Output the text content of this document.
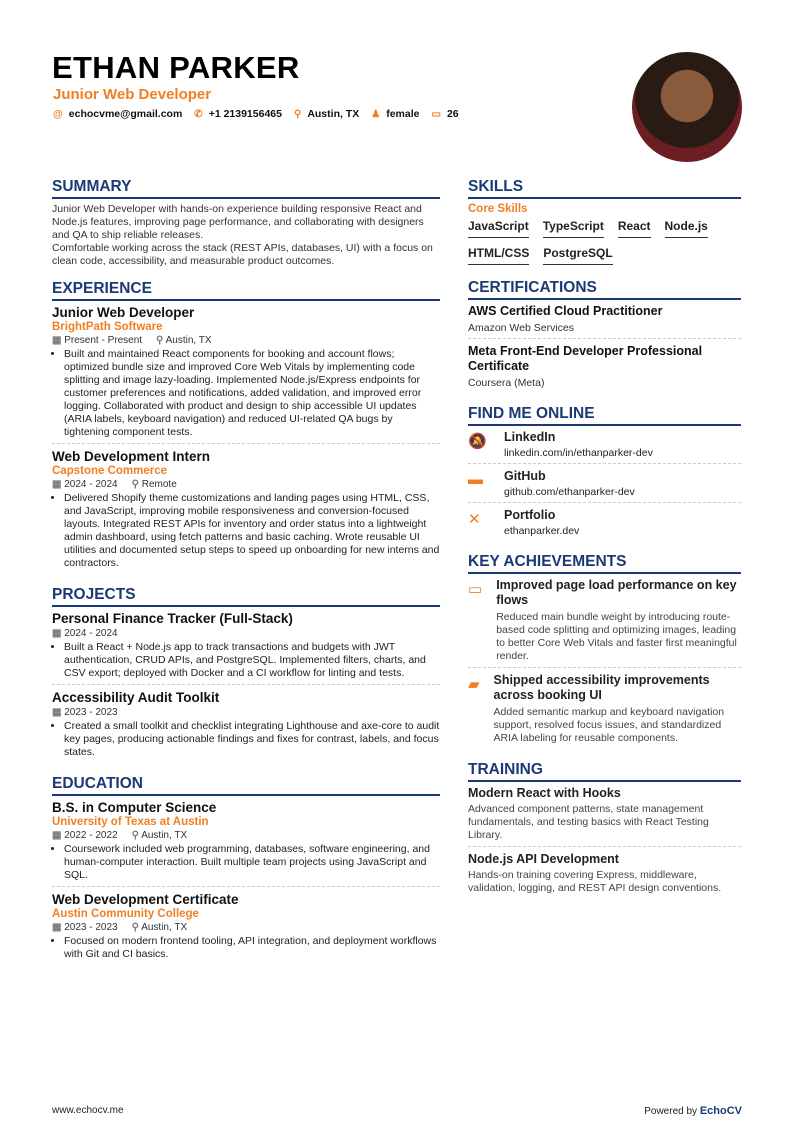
ETHAN PARKER
Junior Web Developer
@ echocvme@gmail.com ✆ +1 2139156465 ⚲ Austin, TX ♟ female ▭ 26
SUMMARY

Junior Web Developer with hands-on experience building responsive React and Node.js features, improving page performance, and collaborating with designers and QA to ship reliable releases.

Comfortable working across the stack (REST APIs, databases, UI) with a focus on clean code, accessibility, and measurable product outcomes.

EXPERIENCE
Junior Web Developer
BrightPath Software
▦ Present - Present ⚲ Austin, TX
• Built and maintained React components for booking and account flows; optimized bundle size and improved Core Web Vitals by implementing code splitting and image lazy-loading. Implemented Node.js/Express endpoints for customer preferences and notifications, added validation, and improved error logging. Collaborated with product and design to ship accessible UI updates (ARIA labels, keyboard navigation) and reduced UI-related QA bugs by tightening component tests.
Web Development Intern
Capstone Commerce
▦ 2024 - 2024 ⚲ Remote
• Delivered Shopify theme customizations and landing pages using HTML, CSS, and JavaScript, improving mobile responsiveness and conversion-focused layouts. Integrated REST APIs for inventory and order status into a lightweight admin dashboard, using fetch patterns and basic caching. Wrote reusable UI utilities and documented setup steps to speed up onboarding for new interns and contractors.
PROJECTS
Personal Finance Tracker (Full-Stack)
▦ 2024 - 2024
• Built a React + Node.js app to track transactions and budgets with JWT authentication, CRUD APIs, and PostgreSQL. Implemented filters, charts, and CSV export; deployed with Docker and a CI workflow for linting and tests.
Accessibility Audit Toolkit
▦ 2023 - 2023
• Created a small toolkit and checklist integrating Lighthouse and axe-core to audit key pages, producing actionable findings and fixes for contrast, labels, and focus states.
EDUCATION
B.S. in Computer Science
University of Texas at Austin
▦ 2022 - 2022 ⚲ Austin, TX
• Coursework included web programming, databases, software engineering, and human-computer interaction. Built multiple team projects using JavaScript and SQL.
Web Development Certificate
Austin Community College
▦ 2023 - 2023 ⚲ Austin, TX
• Focused on modern frontend tooling, API integration, and deployment workflows with Git and CI basics.
SKILLS
Core Skills
JavaScript TypeScript React Node.js
HTML/CSS PostgreSQL
CERTIFICATIONS
AWS Certified Cloud Practitioner
Amazon Web Services
Meta Front-End Developer Professional Certificate
Coursera (Meta)
FIND ME ONLINE
🔕 LinkedIn
linkedin.com/in/ethanparker-dev
▬	GitHub
github.com/ethanparker-dev
✕	Portfolio
ethanparker.dev
KEY ACHIEVEMENTS
▭ Improved page load performance on key flows
Reduced main bundle weight by introducing route-based code splitting and optimizing images, leading to better Core Web Vitals and faster first meaningful render.
▰ Shipped accessibility improvements across booking UI
Added semantic markup and keyboard navigation support, resolved focus issues, and standardized ARIA labeling for reusable components.
TRAINING
Modern React with Hooks
Advanced component patterns, state management fundamentals, and testing basics with React Testing Library.
Node.js API Development
Hands-on training covering Express, middleware, validation, logging, and REST API design conventions.
www.echocv.me	Powered by EchoCV
